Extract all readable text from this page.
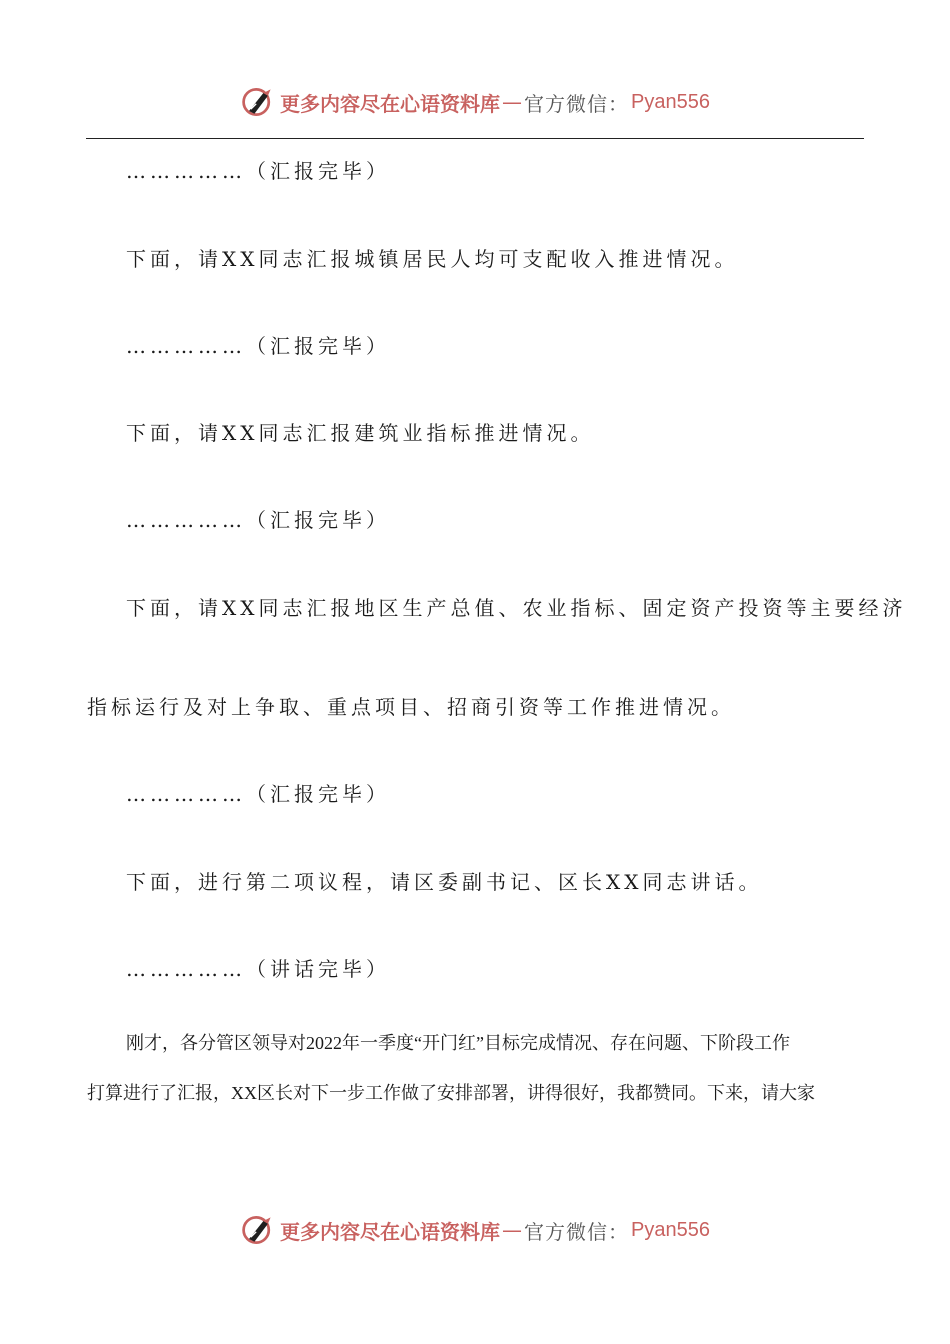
更多内容尽在心语资料库 — 官方微信： Pyan556
……………（汇报完毕）
下面，请XX同志汇报城镇居民人均可支配收入推进情况。
……………（汇报完毕）
下面，请XX同志汇报建筑业指标推进情况。
……………（汇报完毕）
下面，请XX同志汇报地区生产总值、农业指标、固定资产投资等主要经济
指标运行及对上争取、重点项目、招商引资等工作推进情况。
……………（汇报完毕）
下面，进行第二项议程，请区委副书记、区长XX同志讲话。
……………（讲话完毕）
刚才，各分管区领导对2022年一季度“开门红”目标完成情况、存在问题、下阶段工作
打算进行了汇报，XX区长对下一步工作做了安排部署，讲得很好，我都赞同。下来，请大家
更多内容尽在心语资料库 — 官方微信： Pyan556
